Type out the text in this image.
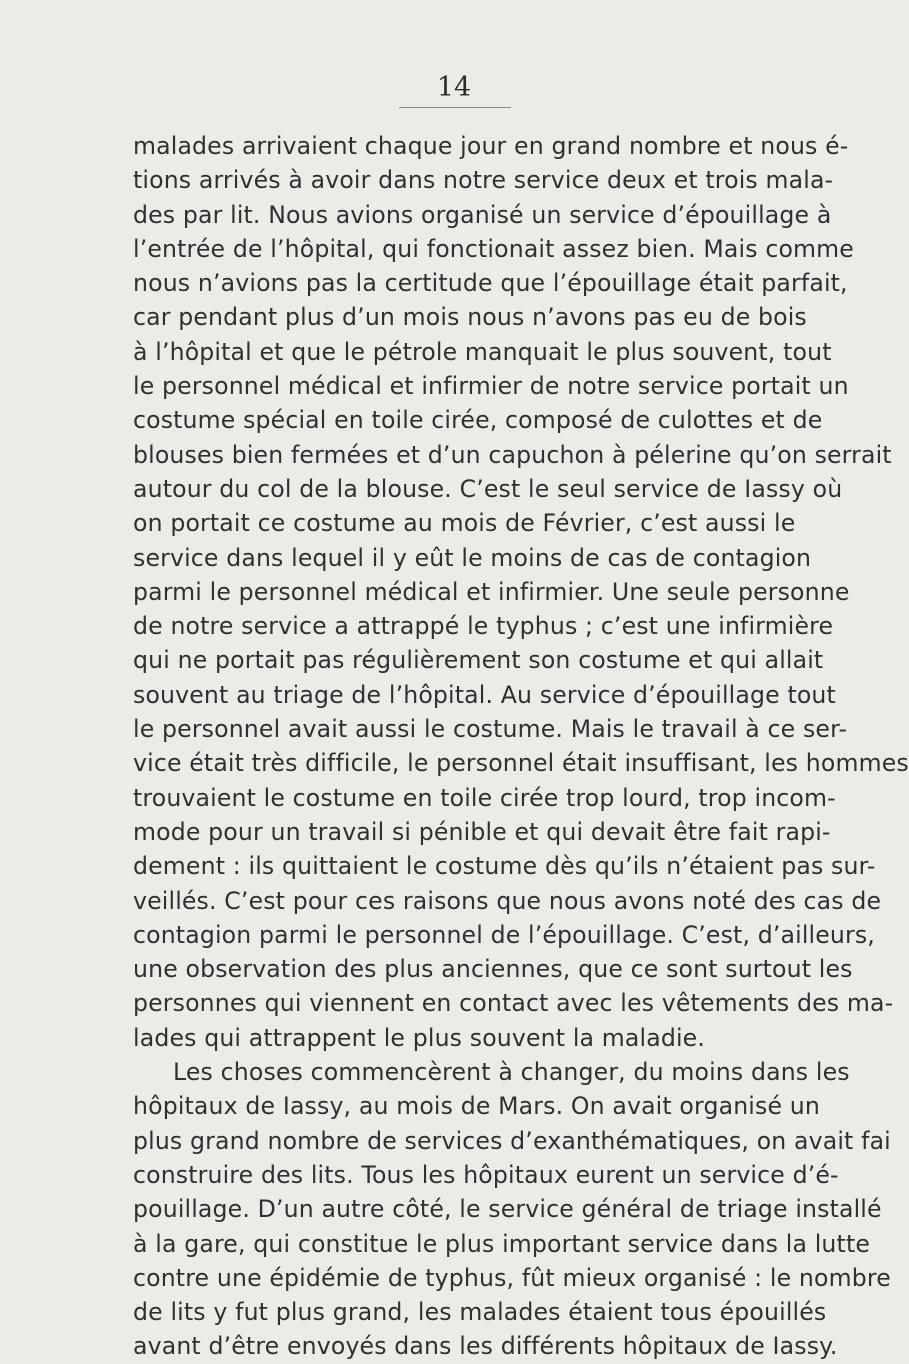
14
malades arrivaient chaque jour en grand nombre et nous é-
tions arrivés à avoir dans notre service deux et trois mala-
des par lit. Nous avions organisé un service d’épouillage à
l’entrée de l’hôpital, qui fonctionait assez bien. Mais comme
nous n’avions pas la certitude que l’épouillage était parfait,
car pendant plus d’un mois nous n’avons pas eu de bois
à l’hôpital et que le pétrole manquait le plus souvent, tout
le personnel médical et infirmier de notre service portait un
costume spécial en toile cirée, composé de culottes et de
blouses bien fermées et d’un capuchon à pélerine qu’on serrait
autour du col de la blouse. C’est le seul service de Iassy où
on portait ce costume au mois de Février, c’est aussi le
service dans lequel il y eût le moins de cas de contagion
parmi le personnel médical et infirmier. Une seule personne
de notre service a attrappé le typhus ; c’est une infirmière
qui ne portait pas régulièrement son costume et qui allait
souvent au triage de l’hôpital. Au service d’épouillage tout
le personnel avait aussi le costume. Mais le travail à ce ser-
vice était très difficile, le personnel était insuffisant, les hommes
trouvaient le costume en toile cirée trop lourd, trop incom-
mode pour un travail si pénible et qui devait être fait rapi-
dement : ils quittaient le costume dès qu’ils n’étaient pas sur-
veillés. C’est pour ces raisons que nous avons noté des cas de
contagion parmi le personnel de l’épouillage. C’est, d’ailleurs,
une observation des plus anciennes, que ce sont surtout les
personnes qui viennent en contact avec les vêtements des ma-
lades qui attrappent le plus souvent la maladie.
Les choses commencèrent à changer, du moins dans les
hôpitaux de Iassy, au mois de Mars. On avait organisé un
plus grand nombre de services d’exanthématiques, on avait fai
construire des lits. Tous les hôpitaux eurent un service d’é-
pouillage. D’un autre côté, le service général de triage installé
à la gare, qui constitue le plus important service dans la lutte
contre une épidémie de typhus, fût mieux organisé : le nombre
de lits y fut plus grand, les malades étaient tous épouillés
avant d’être envoyés dans les différents hôpitaux de Iassy.
